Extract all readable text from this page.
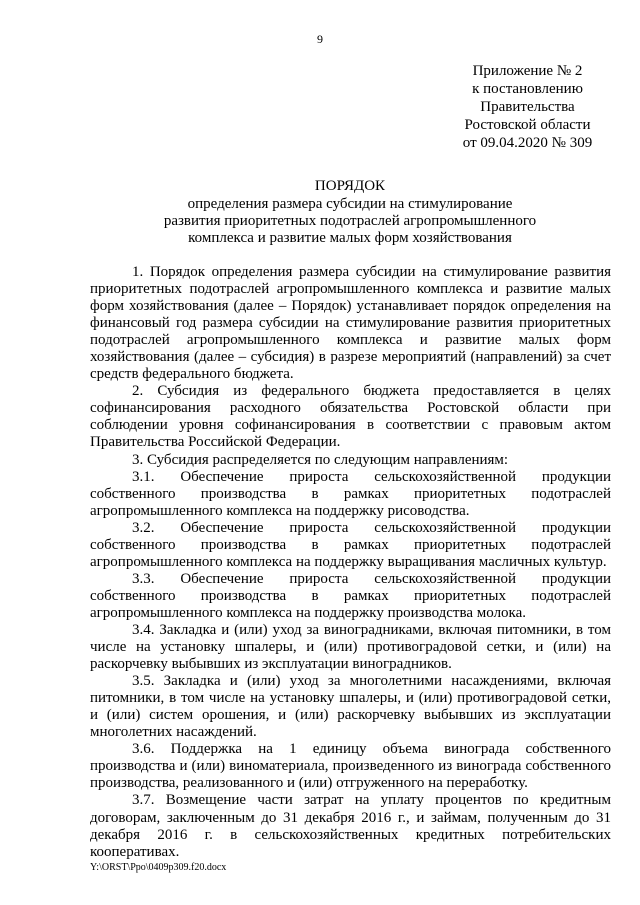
9
Приложение № 2
к постановлению
Правительства
Ростовской области
от 09.04.2020 № 309
ПОРЯДОК
определения размера субсидии на стимулирование
развития приоритетных подотраслей агропромышленного
комплекса и развитие малых форм хозяйствования

1. Порядок определения размера субсидии на стимулирование развития приоритетных подотраслей агропромышленного комплекса и развитие малых форм хозяйствования (далее – Порядок) устанавливает порядок определения на финансовый год размера субсидии на стимулирование развития приоритетных подотраслей агропромышленного комплекса и развитие малых форм хозяйствования (далее – субсидия) в разрезе мероприятий (направлений) за счет средств федерального бюджета.

2. Субсидия из федерального бюджета предоставляется в целях софинансирования расходного обязательства Ростовской области при соблюдении уровня софинансирования в соответствии с правовым актом Правительства Российской Федерации.

3. Субсидия распределяется по следующим направлениям:

3.1. Обеспечение прироста сельскохозяйственной продукции собственного производства в рамках приоритетных подотраслей агропромышленного комплекса на поддержку рисоводства.

3.2. Обеспечение прироста сельскохозяйственной продукции собственного производства в рамках приоритетных подотраслей агропромышленного комплекса на поддержку выращивания масличных культур.

3.3. Обеспечение прироста сельскохозяйственной продукции собственного производства в рамках приоритетных подотраслей агропромышленного комплекса на поддержку производства молока.

3.4. Закладка и (или) уход за виноградниками, включая питомники, в том числе на установку шпалеры, и (или) противоградовой сетки, и (или) на раскорчевку выбывших из эксплуатации виноградников.

3.5. Закладка и (или) уход за многолетними насаждениями, включая питомники, в том числе на установку шпалеры, и (или) противоградовой сетки, и (или) систем орошения, и (или) раскорчевку выбывших из эксплуатации многолетних насаждений.

3.6. Поддержка на 1 единицу объема винограда собственного производства и (или) виноматериала, произведенного из винограда собственного производства, реализованного и (или) отгруженного на переработку.

3.7. Возмещение части затрат на уплату процентов по кредитным договорам, заключенным до 31 декабря 2016 г., и займам, полученным до 31 декабря 2016 г. в сельскохозяйственных кредитных потребительских кооперативах.

Y:\ORST\Ppo\0409p309.f20.docx
